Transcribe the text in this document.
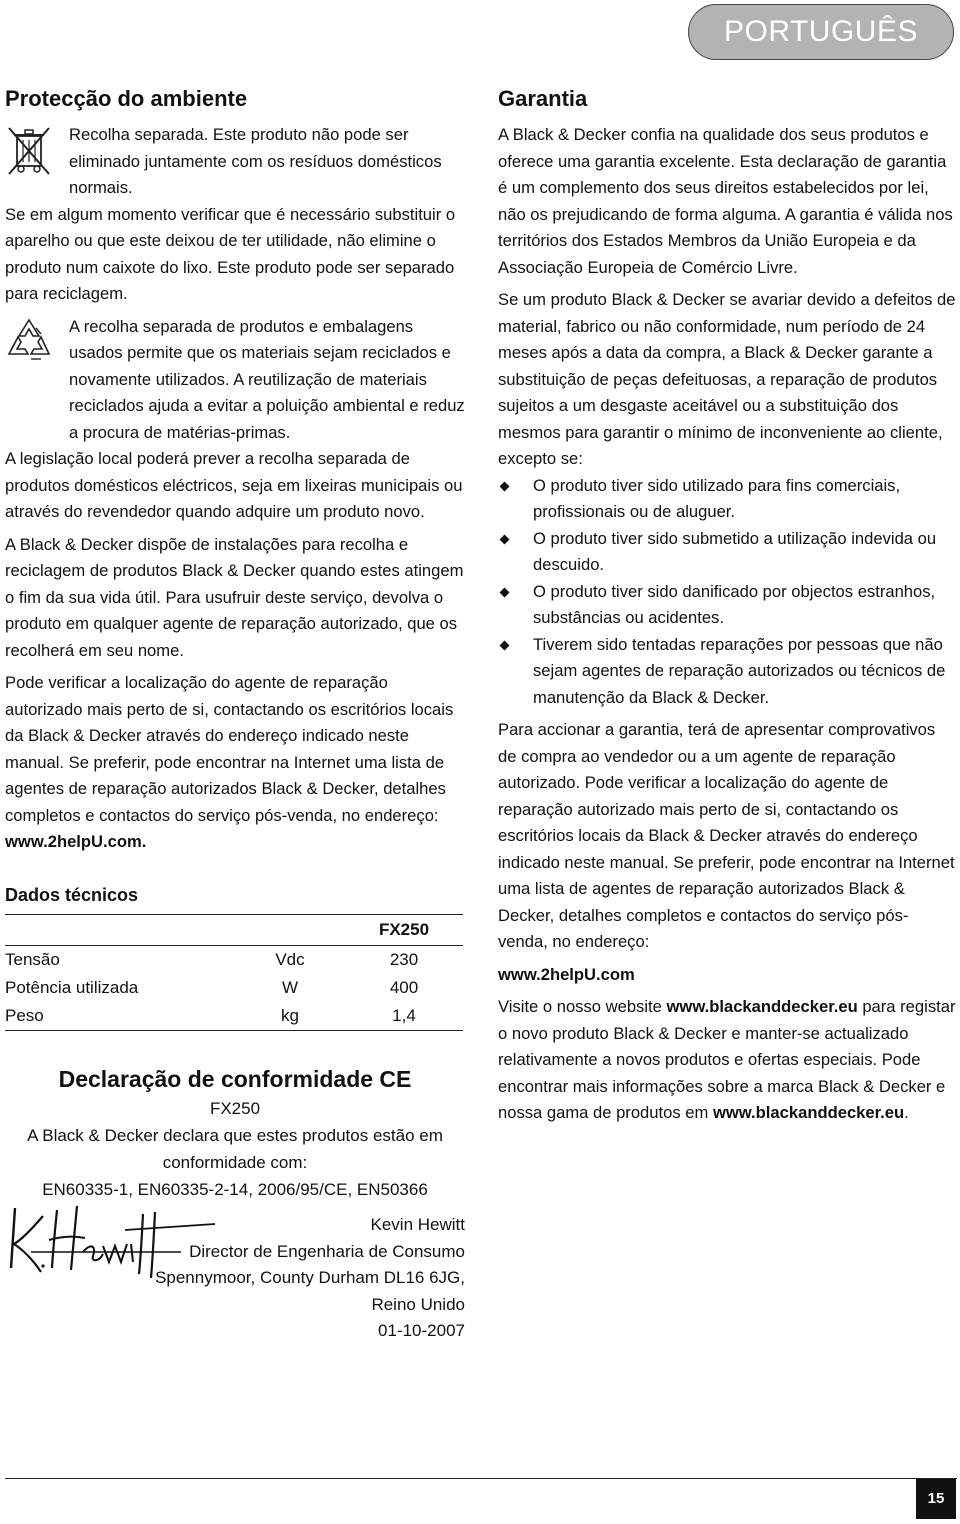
PORTUGUÊS
Protecção do ambiente

Recolha separada. Este produto não pode ser eliminado juntamente com os resíduos domésticos normais.

Se em algum momento verificar que é necessário substituir o aparelho ou que este deixou de ter utilidade, não elimine o produto num caixote do lixo. Este produto pode ser separado para reciclagem.

A recolha separada de produtos e embalagens usados permite que os materiais sejam reciclados e novamente utilizados. A reutilização de materiais reciclados ajuda a evitar a poluição ambiental e reduz a procura de matérias-primas.

A legislação local poderá prever a recolha separada de produtos domésticos eléctricos, seja em lixeiras municipais ou através do revendedor quando adquire um produto novo.

A Black & Decker dispõe de instalações para recolha e reciclagem de produtos Black & Decker quando estes atingem o fim da sua vida útil. Para usufruir deste serviço, devolva o produto em qualquer agente de reparação autorizado, que os recolherá em seu nome.

Pode verificar a localização do agente de reparação autorizado mais perto de si, contactando os escritórios locais da Black & Decker através do endereço indicado neste manual. Se preferir, pode encontrar na Internet uma lista de agentes de reparação autorizados Black & Decker, detalhes completos e contactos do serviço pós-venda, no endereço: www.2helpU.com.

Dados técnicos
		FX250
Tensão	Vdc	230
Potência utilizada	W	400
Peso	kg	1,4
Declaração de conformidade CE

FX250

A Black & Decker declara que estes produtos estão em conformidade com:

EN60335-1, EN60335-2-14, 2006/95/CE, EN50366

Kevin Hewitt
Director de Engenharia de Consumo
Spennymoor, County Durham DL16 6JG,
Reino Unido
01-10-2007
Garantia

A Black & Decker confia na qualidade dos seus produtos e oferece uma garantia excelente. Esta declaração de garantia é um complemento dos seus direitos estabelecidos por lei, não os prejudicando de forma alguma. A garantia é válida nos territórios dos Estados Membros da União Europeia e da Associação Europeia de Comércio Livre.

Se um produto Black & Decker se avariar devido a defeitos de material, fabrico ou não conformidade, num período de 24 meses após a data da compra, a Black & Decker garante a substituição de peças defeituosas, a reparação de produtos sujeitos a um desgaste aceitável ou a substituição dos mesmos para garantir o mínimo de inconveniente ao cliente, excepto se:

O produto tiver sido utilizado para fins comerciais, profissionais ou de aluguer.
O produto tiver sido submetido a utilização indevida ou descuido.
O produto tiver sido danificado por objectos estranhos, substâncias ou acidentes.
Tiverem sido tentadas reparações por pessoas que não sejam agentes de reparação autorizados ou técnicos de manutenção da Black & Decker.

Para accionar a garantia, terá de apresentar comprovativos de compra ao vendedor ou a um agente de reparação autorizado. Pode verificar a localização do agente de reparação autorizado mais perto de si, contactando os escritórios locais da Black & Decker através do endereço indicado neste manual. Se preferir, pode encontrar na Internet uma lista de agentes de reparação autorizados Black & Decker, detalhes completos e contactos do serviço pós-venda, no endereço:

www.2helpU.com

Visite o nosso website www.blackanddecker.eu para registar o novo produto Black & Decker e manter-se actualizado relativamente a novos produtos e ofertas especiais. Pode encontrar mais informações sobre a marca Black & Decker e nossa gama de produtos em www.blackanddecker.eu.

15
